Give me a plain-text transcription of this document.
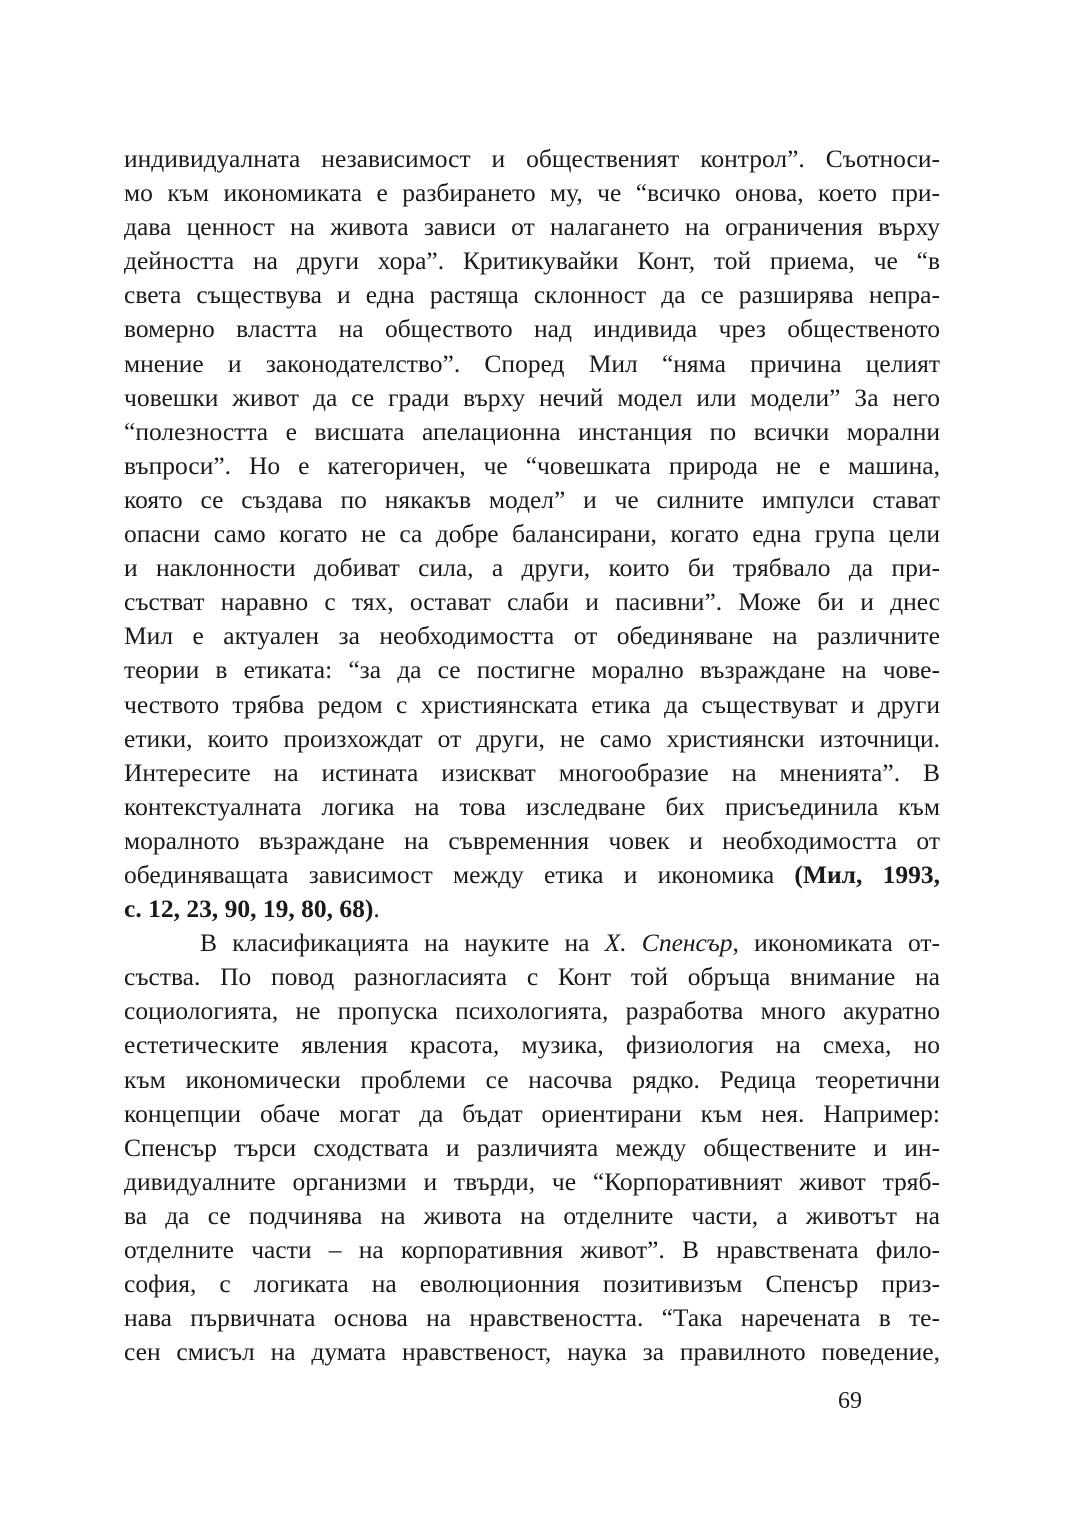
индивидуалната независимост и общественият контрол”. Съотноси-
мо към икономиката е разбирането му, че “всичко онова, което при-
дава ценност на живота зависи от налагането на ограничения върху
дейността на други хора”. Критикувайки Конт, той приема, че “в
света съществува и една растяща склонност да се разширява непра-
вомерно властта на обществото над индивида чрез общественото
мнение и законодателство”. Според Мил “няма причина целият
човешки живот да се гради върху нечий модел или модели” За него
“полезността е висшата апелационна инстанция по всички морални
въпроси”. Но е категоричен, че “човешката природа не е машина,
която се създава по някакъв модел” и че силните импулси стават
опасни само когато не са добре балансирани, когато една група цели
и наклонности добиват сила, а други, които би трябвало да при-
състват наравно с тях, остават слаби и пасивни”. Може би и днес
Мил е актуален за необходимостта от обединяване на различните
теории в етиката: “за да се постигне морално възраждане на чове-
чеството трябва редом с християнската етика да съществуват и други
етики, които произхождат от други, не само християнски източници.
Интересите на истината изискват многообразие на мненията”. В
контекстуалната логика на това изследване бих присъединила към
моралното възраждане на съвременния човек и необходимостта от
обединяващата зависимост между етика и икономика (Мил, 1993,
с. 12, 23, 90, 19, 80, 68).
В класификацията на науките на Х. Спенсър, икономиката от-
съства. По повод разногласията с Конт той обръща внимание на
социологията, не пропуска психологията, разработва много акуратно
естетическите явления красота, музика, физиология на смеха, но
към икономически проблеми се насочва рядко. Редица теоретични
концепции обаче могат да бъдат ориентирани към нея. Например:
Спенсър търси сходствата и различията между обществените и ин-
дивидуалните организми и твърди, че “Корпоративният живот тряб-
ва да се подчинява на живота на отделните части, а животът на
отделните части – на корпоративния живот”. В нравствената фило-
софия, с логиката на еволюционния позитивизъм Спенсър приз-
нава първичната основа на нравствеността. “Така наречената в те-
сен смисъл на думата нравственост, наука за правилното поведение,
69
